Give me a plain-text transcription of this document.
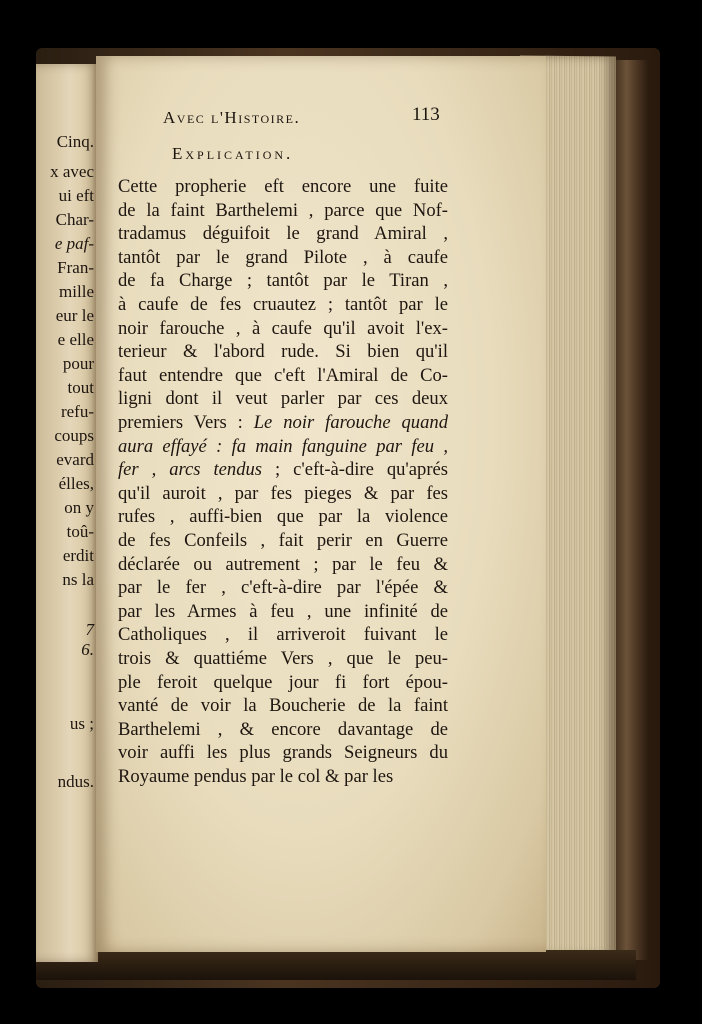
Cinq.
x avec
ui eft
Char-
e paf-
Fran-
mille
eur le
e elle
pour
tout
refu-
coups
evard
élles,
on y
toû-
erdit
ns la
7
6.
us ;
ndus.
Avec l'Histoire.	113
Explication.
Cette propherie eft encore une fuite
de la faint Barthelemi , parce que Nof-
tradamus déguifoit le grand Amiral ,
tantôt par le grand Pilote , à caufe
de fa Charge ; tantôt par le Tiran ,
à caufe de fes cruautez ; tantôt par le
noir farouche , à caufe qu'il avoit l'ex-
terieur & l'abord rude. Si bien qu'il
faut entendre que c'eft l'Amiral de Co-
ligni dont il veut parler par ces deux
premiers Vers : Le noir farouche quand
aura effayé : fa main fanguine par feu ,
fer , arcs tendus ; c'eft-à-dire qu'aprés
qu'il auroit , par fes pieges & par fes
rufes , auffi-bien que par la violence
de fes Confeils , fait perir en Guerre
déclarée ou autrement ; par le feu &
par le fer , c'eft-à-dire par l'épée &
par les Armes à feu , une infinité de
Catholiques , il arriveroit fuivant le
trois & quattiéme Vers , que le peu-
ple feroit quelque jour fi fort épou-
vanté de voir la Boucherie de la faint
Barthelemi , & encore davantage de
voir auffi les plus grands Seigneurs du
Royaume pendus par le col & par les
